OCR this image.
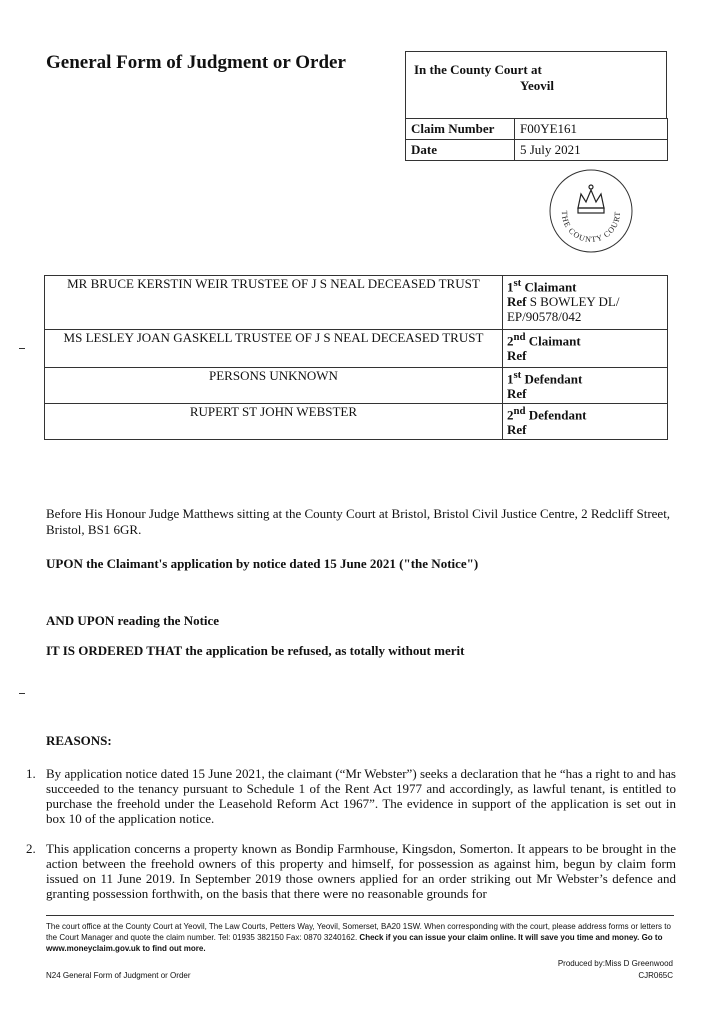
General Form of Judgment or Order	In the County Court at
Yeovil
Claim Number	F00YE161
Date	5 July 2021
THE COUNTY COURT
MR BRUCE KERSTIN WEIR TRUSTEE OF J S NEAL DECEASED TRUST	1st Claimant
Ref S BOWLEY DL/ EP/90578/042
MS LESLEY JOAN GASKELL TRUSTEE OF J S NEAL DECEASED TRUST	2nd Claimant
Ref
PERSONS UNKNOWN	1st Defendant
Ref
RUPERT ST JOHN WEBSTER	2nd Defendant
Ref
Before His Honour Judge Matthews sitting at the County Court at Bristol, Bristol Civil Justice Centre, 2 Redcliff Street, Bristol, BS1 6GR.
UPON the Claimant's application by notice dated 15 June 2021 ("the Notice")
AND UPON reading the Notice
IT IS ORDERED THAT the application be refused, as totally without merit
REASONS:
1. By application notice dated 15 June 2021, the claimant (“Mr Webster”) seeks a declaration that he “has a right to and has succeeded to the tenancy pursuant to Schedule 1 of the Rent Act 1977 and accordingly, as lawful tenant, is entitled to purchase the freehold under the Leasehold Reform Act 1967”. The evidence in support of the application is set out in box 10 of the application notice.
2. This application concerns a property known as Bondip Farmhouse, Kingsdon, Somerton. It appears to be brought in the action between the freehold owners of this property and himself, for possession as against him, begun by claim form issued on 11 June 2019. In September 2019 those owners applied for an order striking out Mr Webster’s defence and granting possession forthwith, on the basis that there were no reasonable grounds for
The court office at the County Court at Yeovil, The Law Courts, Petters Way, Yeovil, Somerset, BA20 1SW. When corresponding with the court, please address forms or letters to the Court Manager and quote the claim number. Tel: 01935 382150 Fax: 0870 3240162. Check if you can issue your claim online. It will save you time and money. Go to www.moneyclaim.gov.uk to find out more.
Produced by:Miss D Greenwood
N24 General Form of Judgment or Order	CJR065C
